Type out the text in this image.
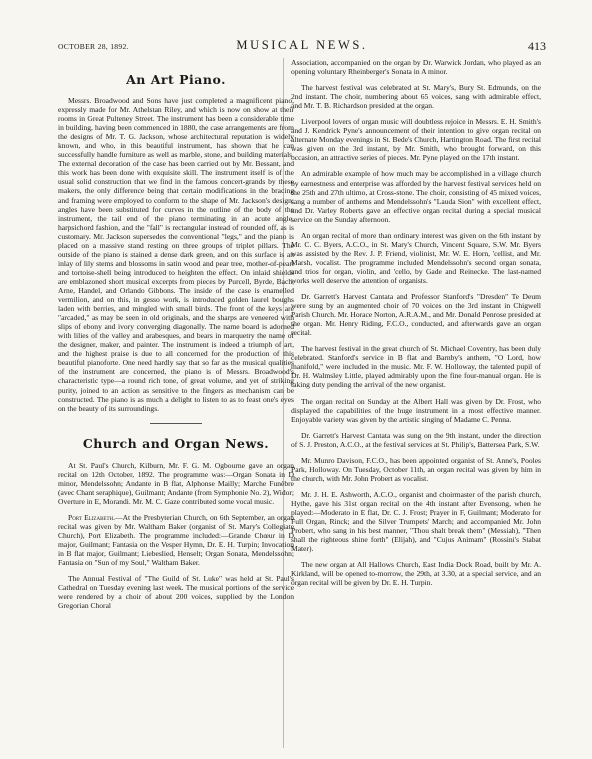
OCTOBER 28, 1892.	MUSICAL NEWS.	413
An Art Piano.

Messrs. Broadwood and Sons have just completed a magnificent piano, expressly made for Mr. Athelstan Riley, and which is now on show at their rooms in Great Pulteney Street. The instrument has been a considerable time in building, having been commenced in 1880, the case arrangements are from the designs of Mr. T. G. Jackson, whose architectural reputation is widely known, and who, in this beautiful instrument, has shown that he can successfully handle furniture as well as marble, stone, and building materials. The external decoration of the case has been carried out by Mr. Bessant, and this work has been done with exquisite skill. The instrument itself is of the usual solid construction that we find in the famous concert-grands by these makers, the only difference being that certain modifications in the bracing and framing were employed to conform to the shape of Mr. Jackson's design; angles have been substituted for curves in the outline of the body of the instrument, the tail end of the piano terminating in an acute angle, harpsichord fashion, and the "fall" is rectangular instead of rounded off, as is customary. Mr. Jackson supersedes the conventional "legs," and the piano is placed on a massive stand resting on three groups of triplet pillars. The outside of the piano is stained a dense dark green, and on this surface is an inlay of lily stems and blossoms in satin wood and pear tree, mother-of-pearl and tortoise-shell being introduced to heighten the effect. On inlaid shields are emblazoned short musical excerpts from pieces by Purcell, Byrde, Bach, Arne, Handel, and Orlando Gibbons. The inside of the case is enamelled vermilion, and on this, in gesso work, is introduced golden laurel boughs laden with berries, and mingled with small birds. The front of the keys are "arcaded," as may be seen in old originals, and the sharps are veneered with slips of ebony and ivory converging diagonally. The name board is adorned with lilies of the valley and arabesques, and bears in marquetry the name of the designer, maker, and painter. The instrument is indeed a triumph of art, and the highest praise is due to all concerned for the production of this beautiful pianoforte. One need hardly say that so far as the musical qualities of the instrument are concerned, the piano is of Messrs. Broadwood's characteristic type—a round rich tone, of great volume, and yet of striking purity, joined to an action as sensitive to the fingers as mechanism can be constructed. The piano is as much a delight to listen to as to feast one's eyes on the beauty of its surroundings.

Church and Organ News.

At St. Paul's Church, Kilburn, Mr. F. G. M. Ogbourne gave an organ recital on 12th October, 1892. The programme was:—Organ Sonata in D minor, Mendelssohn; Andante in B flat, Alphonse Mailly; Marche Funèbre (avec Chant seraphique), Guilmant; Andante (from Symphonie No. 2), Widor; Overture in E, Morandi. Mr. M. C. Gaze contributed some vocal music.

Port Elizabeth.—At the Presbyterian Church, on 6th September, an organ recital was given by Mr. Waltham Baker (organist of St. Mary's Collegiate Church), Port Elizabeth. The programme included:—Grande Chœur in D major, Guilmant; Fantasia on the Vesper Hymn, Dr. E. H. Turpin; Invocation in B flat major, Guilmant; Liebeslied, Henselt; Organ Sonata, Mendelssohn; Fantasia on "Sun of my Soul," Waltham Baker.

The Annual Festival of "The Guild of St. Luke" was held at St. Paul's Cathedral on Tuesday evening last week. The musical portions of the service were rendered by a choir of about 200 voices, supplied by the London Gregorian Choral

Association, accompanied on the organ by Dr. Warwick Jordan, who played as an opening voluntary Rheinberger's Sonata in A minor.

The harvest festival was celebrated at St. Mary's, Bury St. Edmunds, on the 2nd instant. The choir, numbering about 65 voices, sang with admirable effect, and Mr. T. B. Richardson presided at the organ.

Liverpool lovers of organ music will doubtless rejoice in Messrs. E. H. Smith's and J. Kendrick Pyne's announcement of their intention to give organ recital on alternate Monday evenings in St. Bede's Church, Hartington Road. The first recital was given on the 3rd instant, by Mr. Smith, who brought forward, on this occasion, an attractive series of pieces. Mr. Pyne played on the 17th instant.

An admirable example of how much may be accomplished in a village church by earnestness and enterprise was afforded by the harvest festival services held on the 25th and 27th ultimo, at Cross-stone. The choir, consisting of 45 mixed voices, sang a number of anthems and Mendelssohn's "Lauda Sion" with excellent effect, and Dr. Varley Roberts gave an effective organ recital during a special musical service on the Sunday afternoon.

An organ recital of more than ordinary interest was given on the 6th instant by Mr. C. C. Byers, A.C.O., in St. Mary's Church, Vincent Square, S.W. Mr. Byers was assisted by the Rev. J. P. Friend, violinist, Mr. W. E. Horn, 'cellist, and Mr. Marsh, vocalist. The programme included Mendelssohn's second organ sonata, and trios for organ, violin, and 'cello, by Gade and Reinecke. The last-named works well deserve the attention of organists.

Dr. Garrett's Harvest Cantata and Professor Stanford's "Dresden" Te Deum were sung by an augmented choir of 70 voices on the 3rd instant in Chigwell Parish Church. Mr. Horace Norton, A.R.A.M., and Mr. Donald Penrose presided at the organ. Mr. Henry Riding, F.C.O., conducted, and afterwards gave an organ recital.

The harvest festival in the great church of St. Michael Coventry, has been duly celebrated. Stanford's service in B flat and Barnby's anthem, "O Lord, how manifold," were included in the music. Mr. F. W. Holloway, the talented pupil of Dr. H. Walmsley Little, played admirably upon the fine four-manual organ. He is taking duty pending the arrival of the new organist.

The organ recital on Sunday at the Albert Hall was given by Dr. Frost, who displayed the capabilities of the huge instrument in a most effective manner. Enjoyable variety was given by the artistic singing of Madame C. Penna.

Dr. Garrett's Harvest Cantata was sung on the 9th instant, under the direction of S. J. Preston, A.C.O., at the festival services at St. Philip's, Battersea Park, S.W.

Mr. Munro Davison, F.C.O., has been appointed organist of St. Anne's, Pooles Park, Holloway. On Tuesday, October 11th, an organ recital was given by him in the church, with Mr. John Probert as vocalist.

Mr. J. H. E. Ashworth, A.C.O., organist and choirmaster of the parish church, Hythe, gave his 31st organ recital on the 4th instant after Evensong, when he played:—Moderato in E flat, Dr. C. J. Frost; Prayer in F, Guilmant; Moderato for Full Organ, Rinck; and the Silver Trumpets' March; and accompanied Mr. John Probert, who sang in his best manner, "Thou shalt break them" (Messiah), "Then shall the righteous shine forth" (Elijah), and "Cujus Animam" (Rossini's Stabat Mater).

The new organ at All Hallows Church, East India Dock Road, built by Mr. A. Kirkland, will be opened to-morrow, the 29th, at 3.30, at a special service, and an organ recital will be given by Dr. E. H. Turpin.
